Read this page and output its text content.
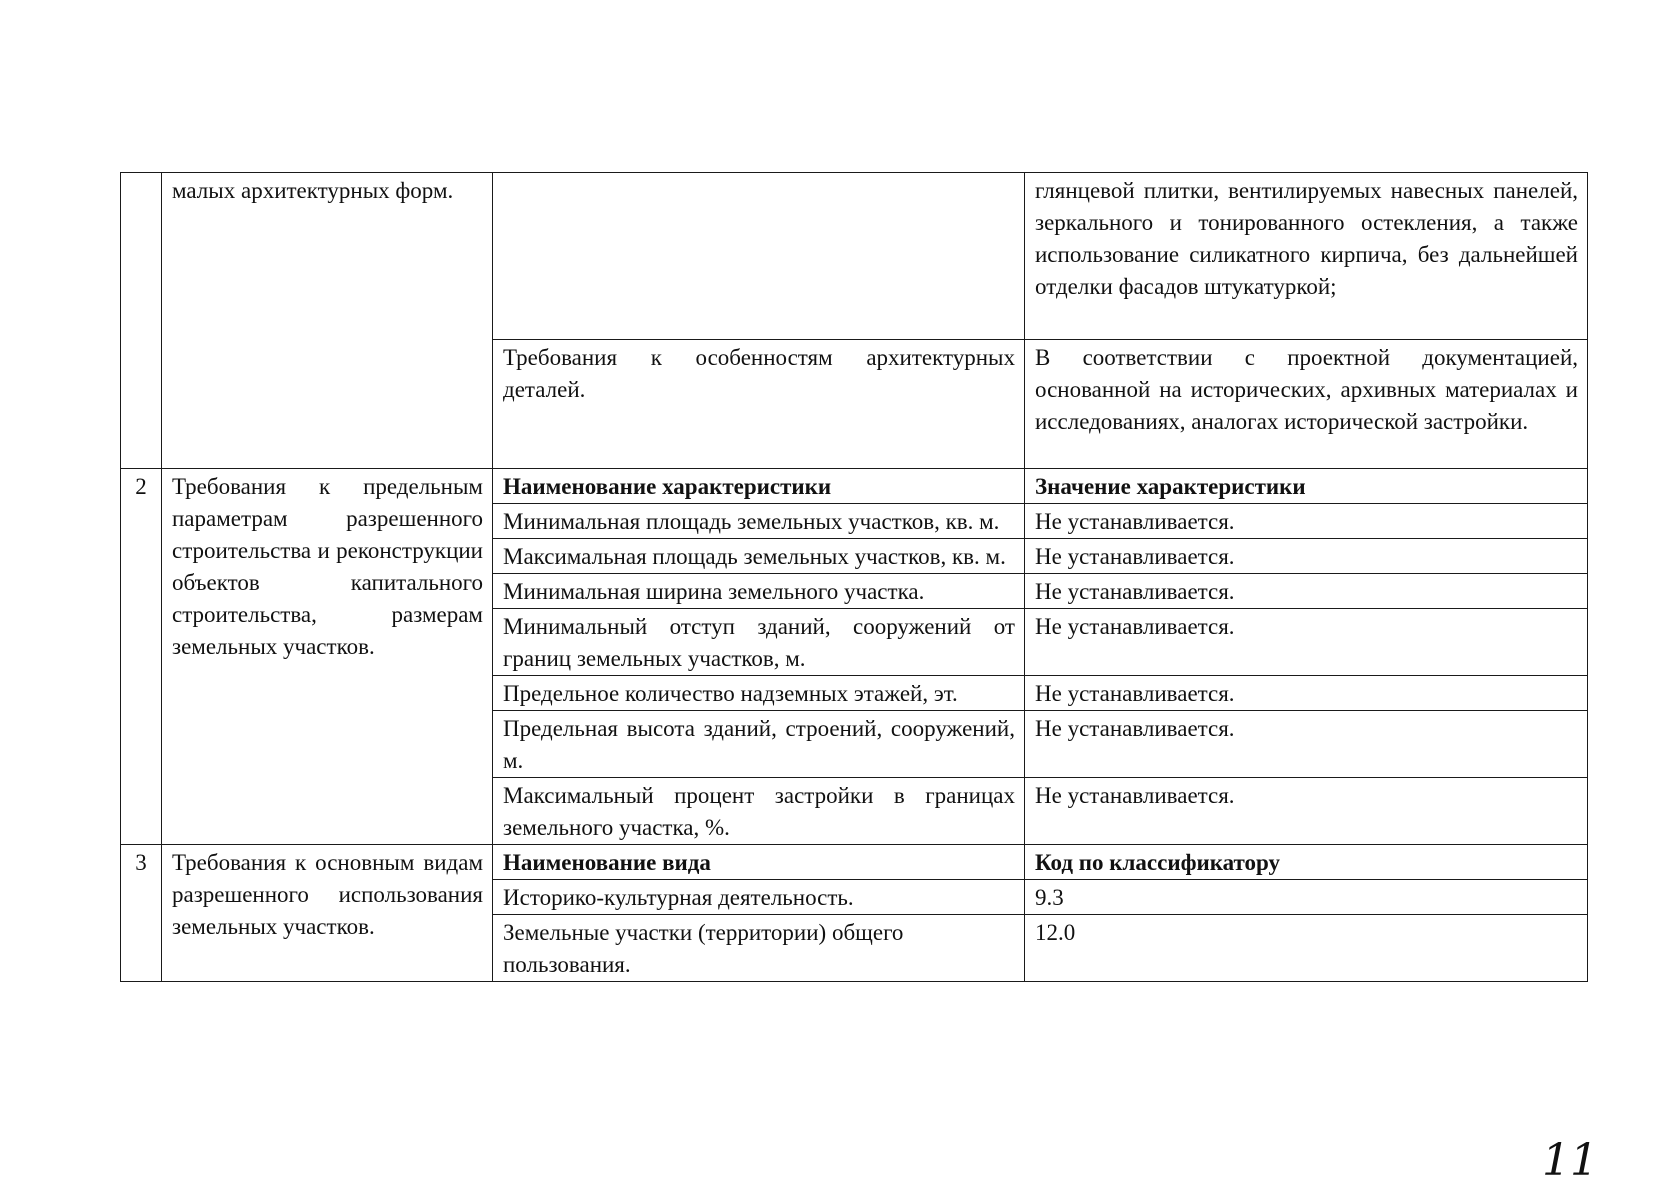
	малых архитектурных форм.		глянцевой плитки, вентилируемых навесных панелей, зеркального и тонированного остекления, а также использование силикатного кирпича, без дальнейшей отделки фасадов штукатуркой;
		Требования к особенностям архитектурных деталей.	В соответствии с проектной документацией, основанной на исторических, архивных материалах и исследованиях, аналогах исторической застройки.
2	Требования к предельным параметрам разрешенного строительства и реконструкции объектов капитального строительства, размерам земельных участков.	Наименование характеристики	Значение характеристики
		Минимальная площадь земельных участков, кв. м.	Не устанавливается.
		Максимальная площадь земельных участков, кв. м.	Не устанавливается.
		Минимальная ширина земельного участка.	Не устанавливается.
		Минимальный отступ зданий, сооружений от границ земельных участков, м.	Не устанавливается.
		Предельное количество надземных этажей, эт.	Не устанавливается.
		Предельная высота зданий, строений, сооружений, м.	Не устанавливается.
		Максимальный процент застройки в границах земельного участка, %.	Не устанавливается.
3	Требования к основным видам разрешенного использования земельных участков.	Наименование вида	Код по классификатору
		Историко-культурная деятельность.	9.3
		Земельные участки (территории) общего пользования.	12.0
11
